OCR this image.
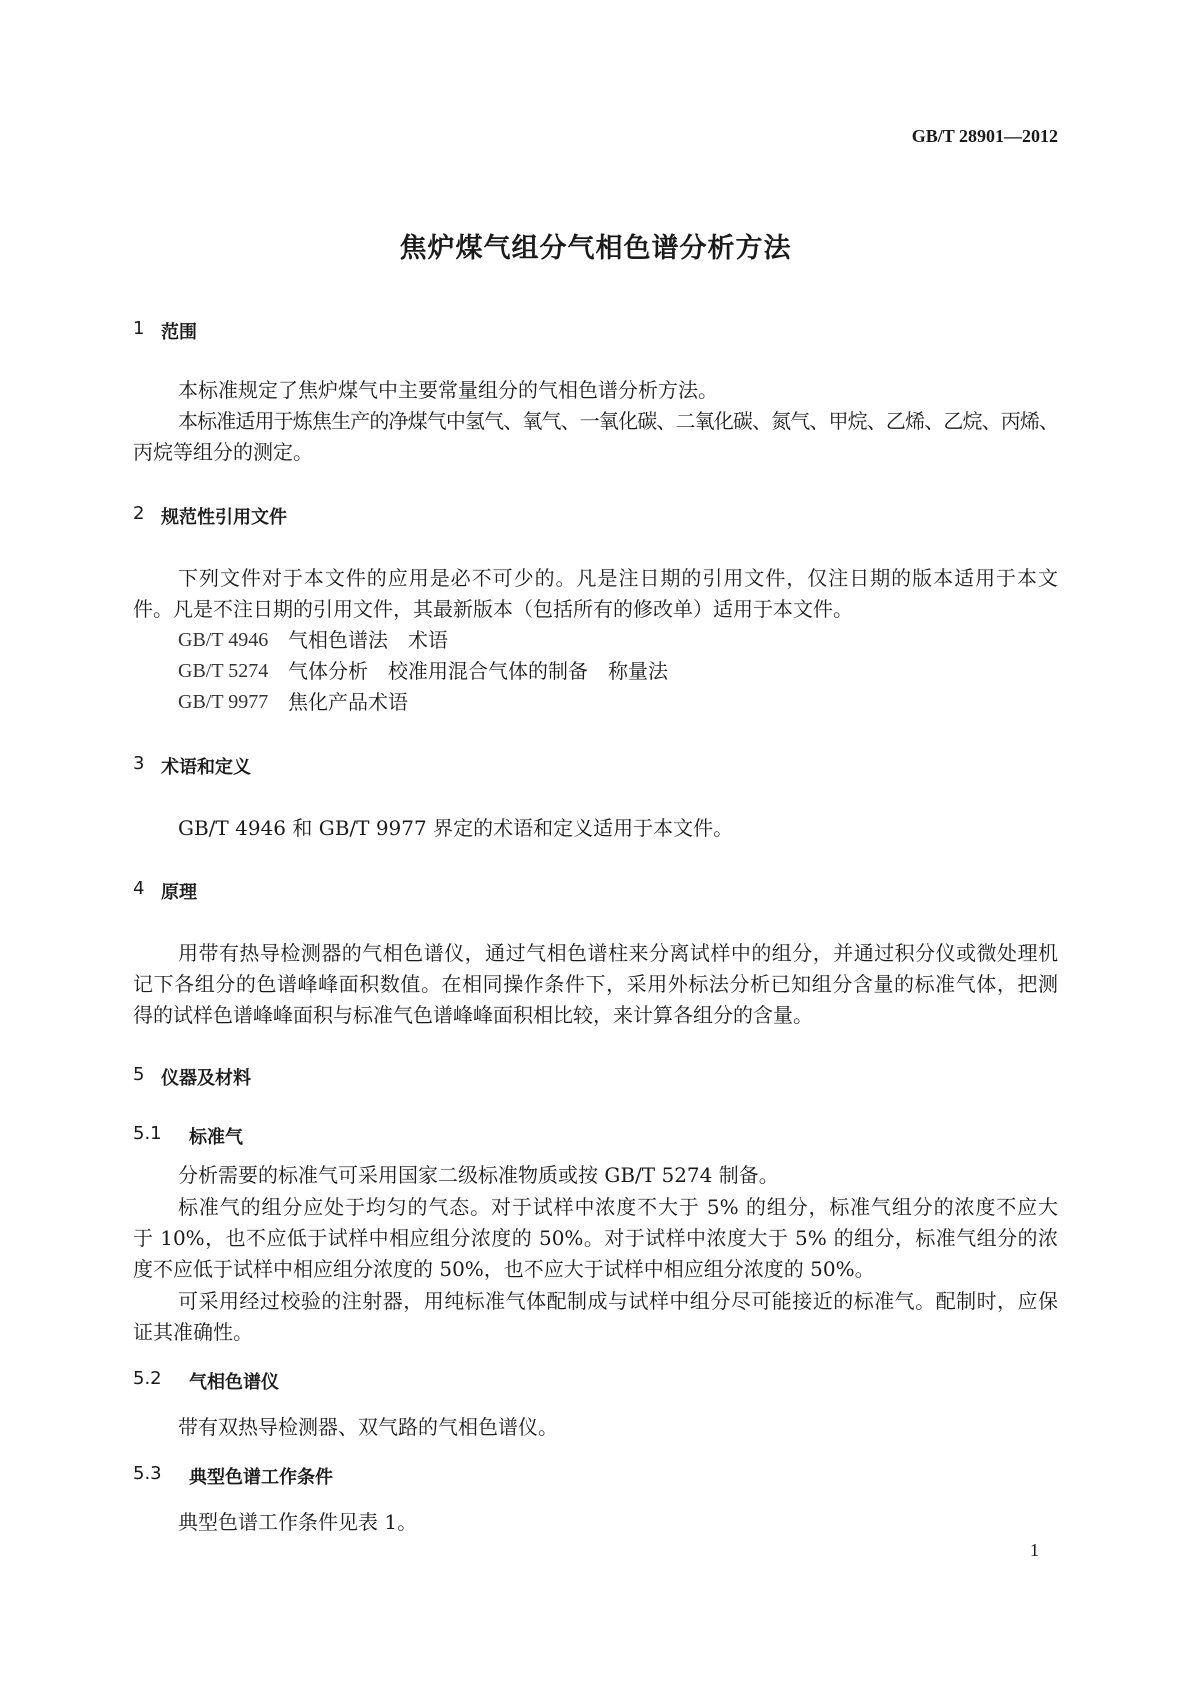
GB/T 28901—2012
焦炉煤气组分气相色谱分析方法
1 范围
本标准规定了焦炉煤气中主要常量组分的气相色谱分析方法。
本标准适用于炼焦生产的净煤气中氢气、氧气、一氧化碳、二氧化碳、氮气、甲烷、乙烯、乙烷、丙烯、
丙烷等组分的测定。
2 规范性引用文件
下列文件对于本文件的应用是必不可少的。凡是注日期的引用文件，仅注日期的版本适用于本文
件。凡是不注日期的引用文件，其最新版本（包括所有的修改单）适用于本文件。
GB/T 4946 气相色谱法　术语
GB/T 5274 气体分析　校准用混合气体的制备　称量法
GB/T 9977 焦化产品术语
3 术语和定义
GB/T 4946 和 GB/T 9977 界定的术语和定义适用于本文件。
4 原理
用带有热导检测器的气相色谱仪，通过气相色谱柱来分离试样中的组分，并通过积分仪或微处理机
记下各组分的色谱峰峰面积数值。在相同操作条件下，采用外标法分析已知组分含量的标准气体，把测
得的试样色谱峰峰面积与标准气色谱峰峰面积相比较，来计算各组分的含量。
5 仪器及材料
5.1	标准气
分析需要的标准气可采用国家二级标准物质或按 GB/T 5274 制备。
标准气的组分应处于均匀的气态。对于试样中浓度不大于 5% 的组分，标准气组分的浓度不应大
于 10%，也不应低于试样中相应组分浓度的 50%。对于试样中浓度大于 5% 的组分，标准气组分的浓
度不应低于试样中相应组分浓度的 50%，也不应大于试样中相应组分浓度的 50%。
可采用经过校验的注射器，用纯标准气体配制成与试样中组分尽可能接近的标准气。配制时，应保
证其准确性。
5.2	气相色谱仪
带有双热导检测器、双气路的气相色谱仪。
5.3	典型色谱工作条件
典型色谱工作条件见表 1。
1
